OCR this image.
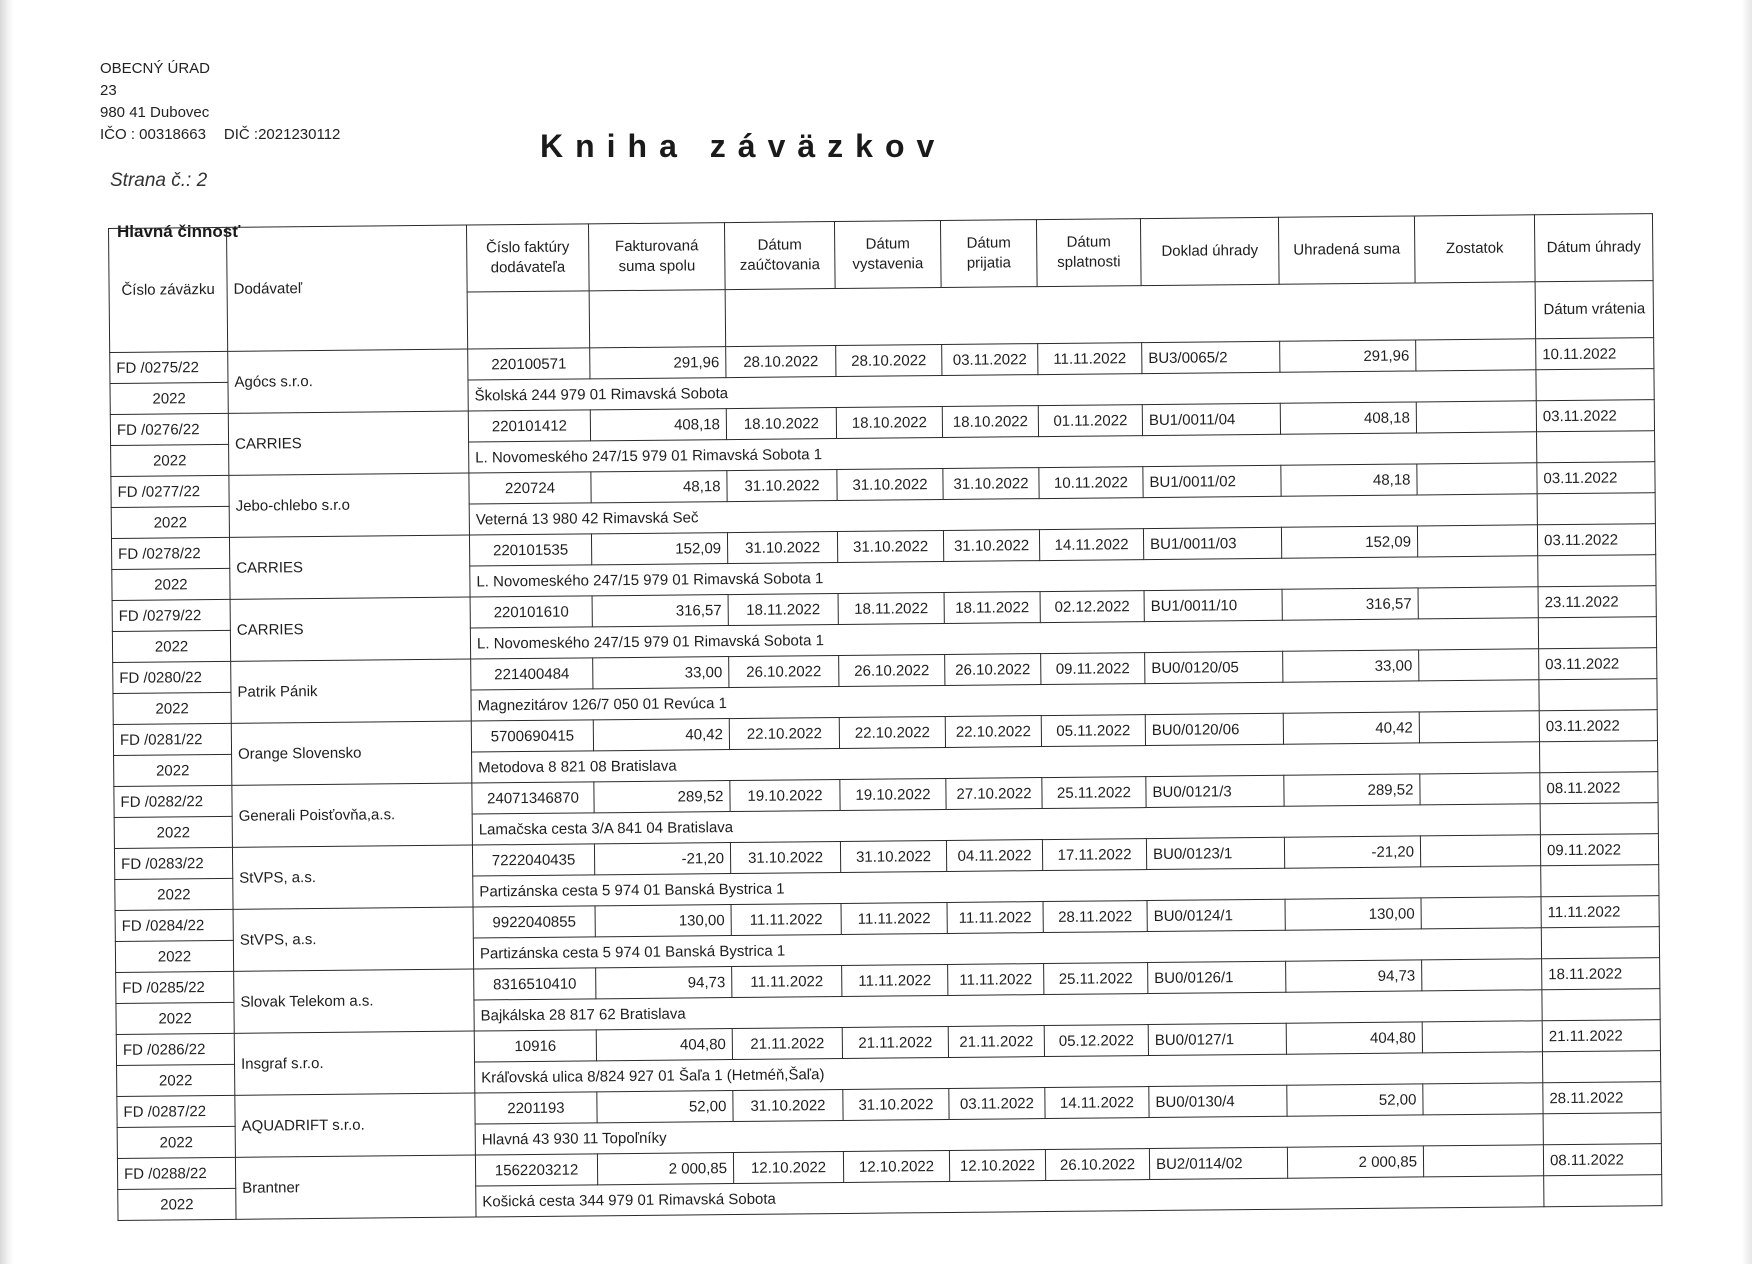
OBECNÝ ÚRAD
23
980 41 Dubovec
IČO : 00318663 DIČ :2021230112
Strana č.: 2
Kniha záväzkov
Hlavná činnosť
Číslo záväzku	Dodávateľ	Číslo faktúry dodávateľa	Fakturovaná suma spolu	Dátum zaúčtovania	Dátum vystavenia	Dátum prijatia	Dátum splatnosti	Doklad úhrady	Uhradená suma	Zostatok	Dátum úhrady
											Dátum vrátenia
FD /0275/22	Agócs s.r.o.	220100571	291,96	28.10.2022	28.10.2022	03.11.2022	11.11.2022	BU3/0065/2	291,96		10.11.2022
2022		Školská 244 979 01 Rimavská Sobota									
FD /0276/22	CARRIES	220101412	408,18	18.10.2022	18.10.2022	18.10.2022	01.11.2022	BU1/0011/04	408,18		03.11.2022
2022		L. Novomeského 247/15 979 01 Rimavská Sobota 1									
FD /0277/22	Jebo-chlebo s.r.o	220724	48,18	31.10.2022	31.10.2022	31.10.2022	10.11.2022	BU1/0011/02	48,18		03.11.2022
2022		Veterná 13 980 42 Rimavská Seč									
FD /0278/22	CARRIES	220101535	152,09	31.10.2022	31.10.2022	31.10.2022	14.11.2022	BU1/0011/03	152,09		03.11.2022
2022		L. Novomeského 247/15 979 01 Rimavská Sobota 1									
FD /0279/22	CARRIES	220101610	316,57	18.11.2022	18.11.2022	18.11.2022	02.12.2022	BU1/0011/10	316,57		23.11.2022
2022		L. Novomeského 247/15 979 01 Rimavská Sobota 1									
FD /0280/22	Patrik Pánik	221400484	33,00	26.10.2022	26.10.2022	26.10.2022	09.11.2022	BU0/0120/05	33,00		03.11.2022
2022		Magnezitárov 126/7 050 01 Revúca 1									
FD /0281/22	Orange Slovensko	5700690415	40,42	22.10.2022	22.10.2022	22.10.2022	05.11.2022	BU0/0120/06	40,42		03.11.2022
2022		Metodova 8 821 08 Bratislava									
FD /0282/22	Generali Poisťovňa,a.s.	24071346870	289,52	19.10.2022	19.10.2022	27.10.2022	25.11.2022	BU0/0121/3	289,52		08.11.2022
2022		Lamačska cesta 3/A 841 04 Bratislava									
FD /0283/22	StVPS, a.s.	7222040435	-21,20	31.10.2022	31.10.2022	04.11.2022	17.11.2022	BU0/0123/1	-21,20		09.11.2022
2022		Partizánska cesta 5 974 01 Banská Bystrica 1									
FD /0284/22	StVPS, a.s.	9922040855	130,00	11.11.2022	11.11.2022	11.11.2022	28.11.2022	BU0/0124/1	130,00		11.11.2022
2022		Partizánska cesta 5 974 01 Banská Bystrica 1									
FD /0285/22	Slovak Telekom a.s.	8316510410	94,73	11.11.2022	11.11.2022	11.11.2022	25.11.2022	BU0/0126/1	94,73		18.11.2022
2022		Bajkálska 28 817 62 Bratislava									
FD /0286/22	Insgraf s.r.o.	10916	404,80	21.11.2022	21.11.2022	21.11.2022	05.12.2022	BU0/0127/1	404,80		21.11.2022
2022		Kráľovská ulica 8/824 927 01 Šaľa 1 (Hetméň,Šaľa)									
FD /0287/22	AQUADRIFT s.r.o.	2201193	52,00	31.10.2022	31.10.2022	03.11.2022	14.11.2022	BU0/0130/4	52,00		28.11.2022
2022		Hlavná 43 930 11 Topoľníky									
FD /0288/22	Brantner	1562203212	2 000,85	12.10.2022	12.10.2022	12.10.2022	26.10.2022	BU2/0114/02	2 000,85		08.11.2022
2022		Košická cesta 344 979 01 Rimavská Sobota									
